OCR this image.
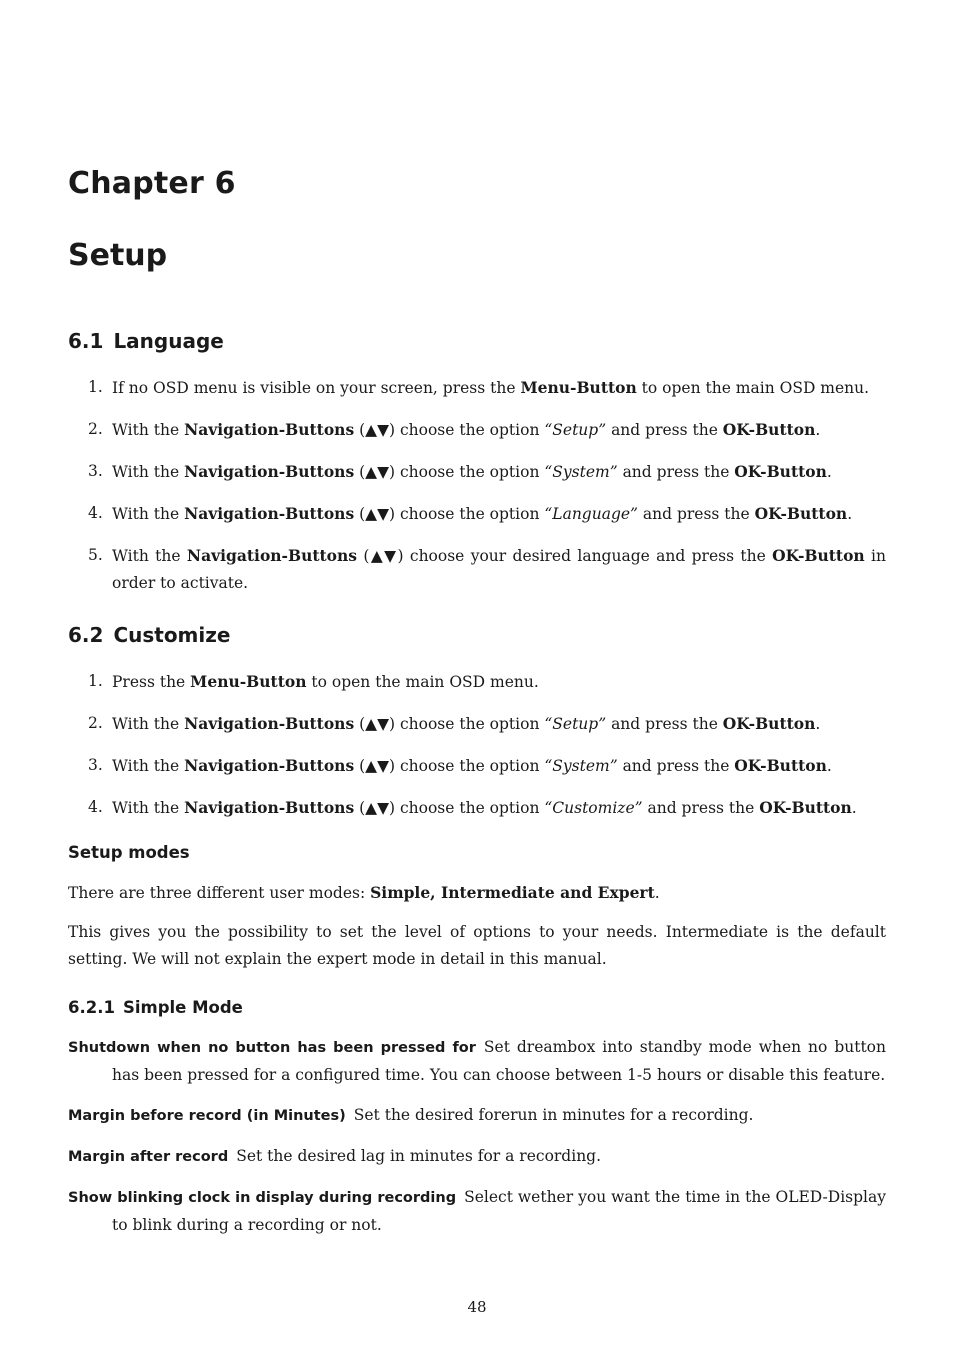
Chapter 6
Setup
6.1 Language
1. If no OSD menu is visible on your screen, press the Menu-Button to open the main OSD menu.
2. With the Navigation-Buttons (▲▼) choose the option “Setup” and press the OK-Button.
3. With the Navigation-Buttons (▲▼) choose the option “System” and press the OK-Button.
4. With the Navigation-Buttons (▲▼) choose the option “Language” and press the OK-Button.
5. With the Navigation-Buttons (▲▼) choose your desired language and press the OK-Button in order to activate.
6.2 Customize
1. Press the Menu-Button to open the main OSD menu.
2. With the Navigation-Buttons (▲▼) choose the option “Setup” and press the OK-Button.
3. With the Navigation-Buttons (▲▼) choose the option “System” and press the OK-Button.
4. With the Navigation-Buttons (▲▼) choose the option “Customize” and press the OK-Button.
Setup modes

There are three different user modes: Simple, Intermediate and Expert.

This gives you the possibility to set the level of options to your needs. Intermediate is the default setting. We will not explain the expert mode in detail in this manual.

6.2.1 Simple Mode
Shutdown when no button has been pressed for Set dreambox into standby mode when no button has been pressed for a configured time. You can choose between 1-5 hours or disable this feature.
Margin before record (in Minutes) Set the desired forerun in minutes for a recording.
Margin after record Set the desired lag in minutes for a recording.
Show blinking clock in display during recording Select wether you want the time in the OLED-Display to blink during a recording or not.
48
